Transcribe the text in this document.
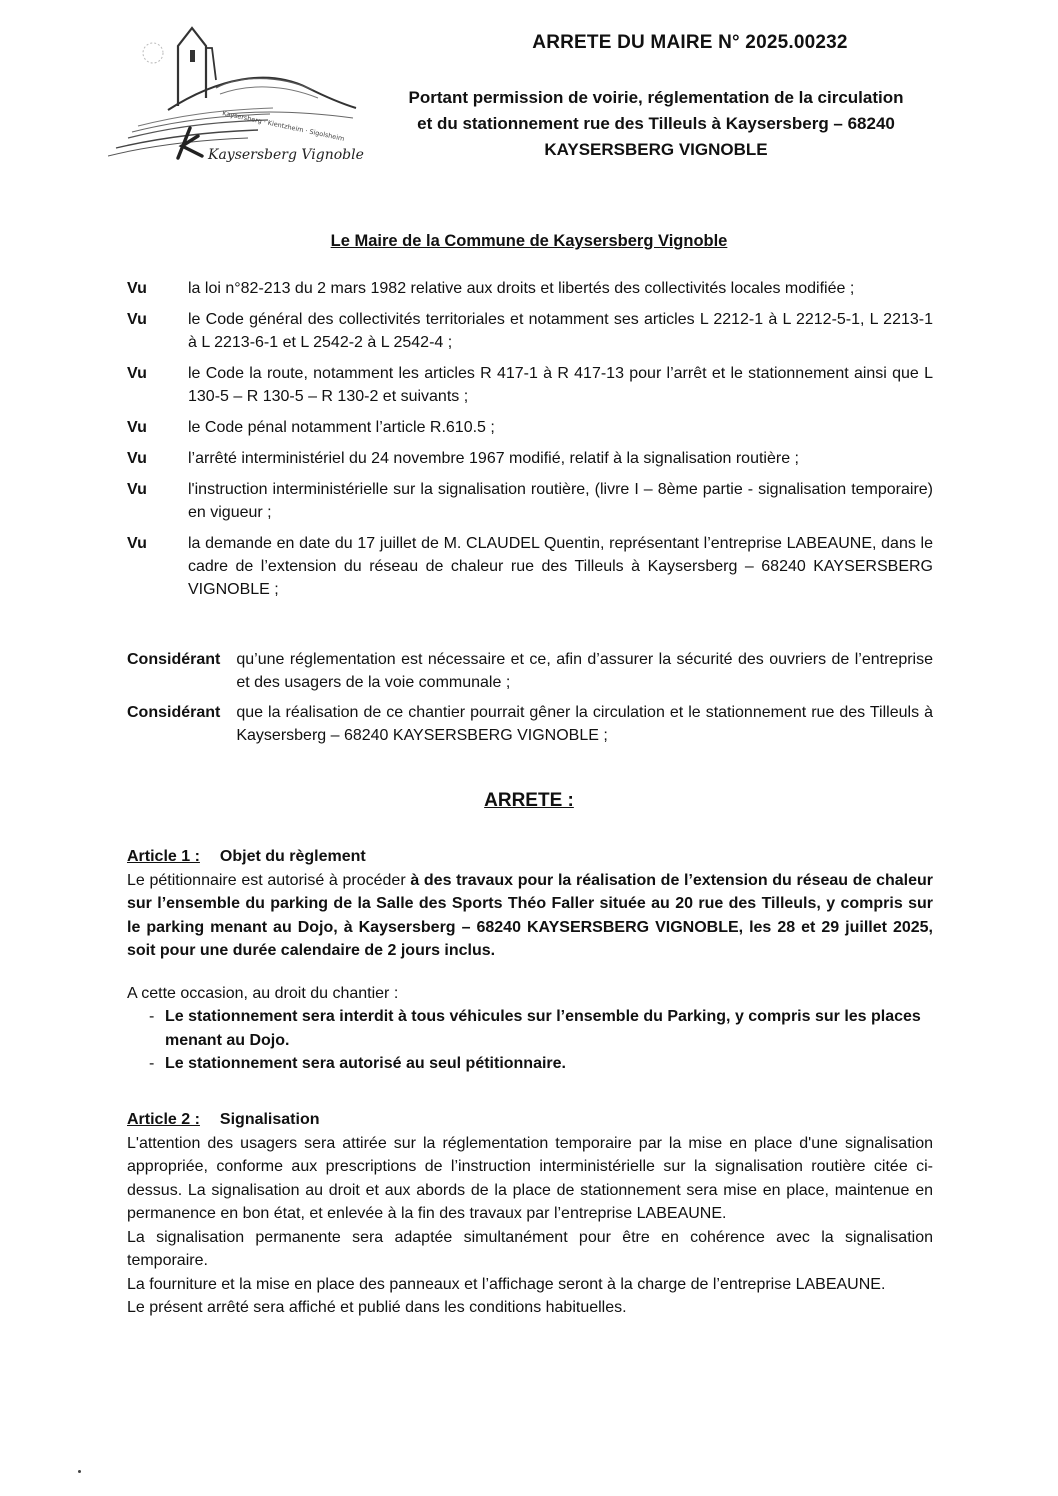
Kaysersberg · Kientzheim · Sigolsheim
Kaysersberg Vignoble
ARRETE DU MAIRE N° 2025.00232
Portant permission de voirie, réglementation de la circulation
et du stationnement rue des Tilleuls à Kaysersberg – 68240
KAYSERSBERG VIGNOBLE
Le Maire de la Commune de Kaysersberg Vignoble
Vu	la loi n°82-213 du 2 mars 1982 relative aux droits et libertés des collectivités locales modifiée ;
Vu	le Code général des collectivités territoriales et notamment ses articles L 2212-1 à L 2212-5-1, L 2213-1 à L 2213-6-1 et L 2542-2 à L 2542-4 ;
Vu	le Code la route, notamment les articles R 417-1 à R 417-13 pour l’arrêt et le stationnement ainsi que L 130-5 – R 130-5 – R 130-2 et suivants ;
Vu	le Code pénal notamment l’article R.610.5 ;
Vu	l’arrêté interministériel du 24 novembre 1967 modifié, relatif à la signalisation routière ;
Vu	l'instruction interministérielle sur la signalisation routière, (livre I – 8ème partie - signalisation temporaire) en vigueur ;
Vu	la demande en date du 17 juillet de M. CLAUDEL Quentin, représentant l’entreprise LABEAUNE, dans le cadre de l’extension du réseau de chaleur rue des Tilleuls à Kaysersberg – 68240 KAYSERSBERG VIGNOBLE ;
Considérant qu’une réglementation est nécessaire et ce, afin d’assurer la sécurité des ouvriers de l’entreprise et des usagers de la voie communale ;
Considérant que la réalisation de ce chantier pourrait gêner la circulation et le stationnement rue des Tilleuls à Kaysersberg – 68240 KAYSERSBERG VIGNOBLE ;
ARRETE :
Article 1 : Objet du règlement
Le pétitionnaire est autorisé à procéder à des travaux pour la réalisation de l’extension du réseau de chaleur sur l’ensemble du parking de la Salle des Sports Théo Faller située au 20 rue des Tilleuls, y compris sur le parking menant au Dojo, à Kaysersberg – 68240 KAYSERSBERG VIGNOBLE, les 28 et 29 juillet 2025, soit pour une durée calendaire de 2 jours inclus.
A cette occasion, au droit du chantier :
- Le stationnement sera interdit à tous véhicules sur l’ensemble du Parking, y compris sur les places menant au Dojo.
- Le stationnement sera autorisé au seul pétitionnaire.
Article 2 : Signalisation
L'attention des usagers sera attirée sur la réglementation temporaire par la mise en place d'une signalisation appropriée, conforme aux prescriptions de l’instruction interministérielle sur la signalisation routière citée ci-dessus. La signalisation au droit et aux abords de la place de stationnement sera mise en place, maintenue en permanence en bon état, et enlevée à la fin des travaux par l’entreprise LABEAUNE.
La signalisation permanente sera adaptée simultanément pour être en cohérence avec la signalisation temporaire.
La fourniture et la mise en place des panneaux et l’affichage seront à la charge de l’entreprise LABEAUNE.
Le présent arrêté sera affiché et publié dans les conditions habituelles.
